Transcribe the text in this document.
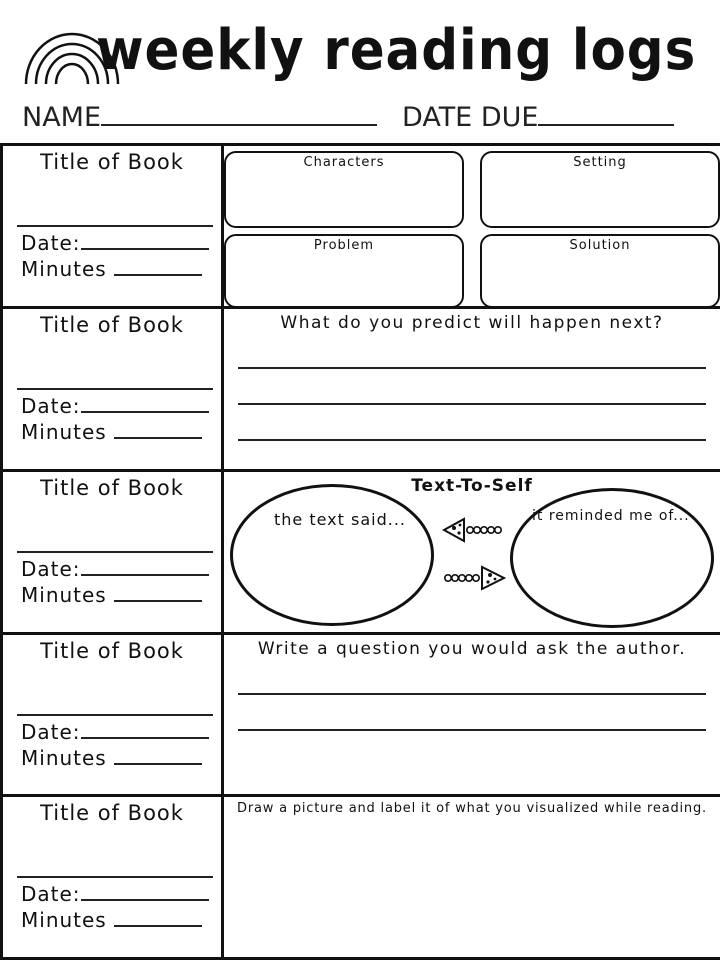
weekly reading logs
NAME	DATE DUE
Title of Book
Date:
Minutes
Characters	Setting
Problem	Solution
Title of Book
Date:
Minutes
What do you predict will happen next?
Title of Book
Date:
Minutes
Text-To-Self
the text said...	it reminded me of...
Title of Book
Date:
Minutes
Write a question you would ask the author.
Title of Book
Date:
Minutes
Draw a picture and label it of what you visualized while reading.
